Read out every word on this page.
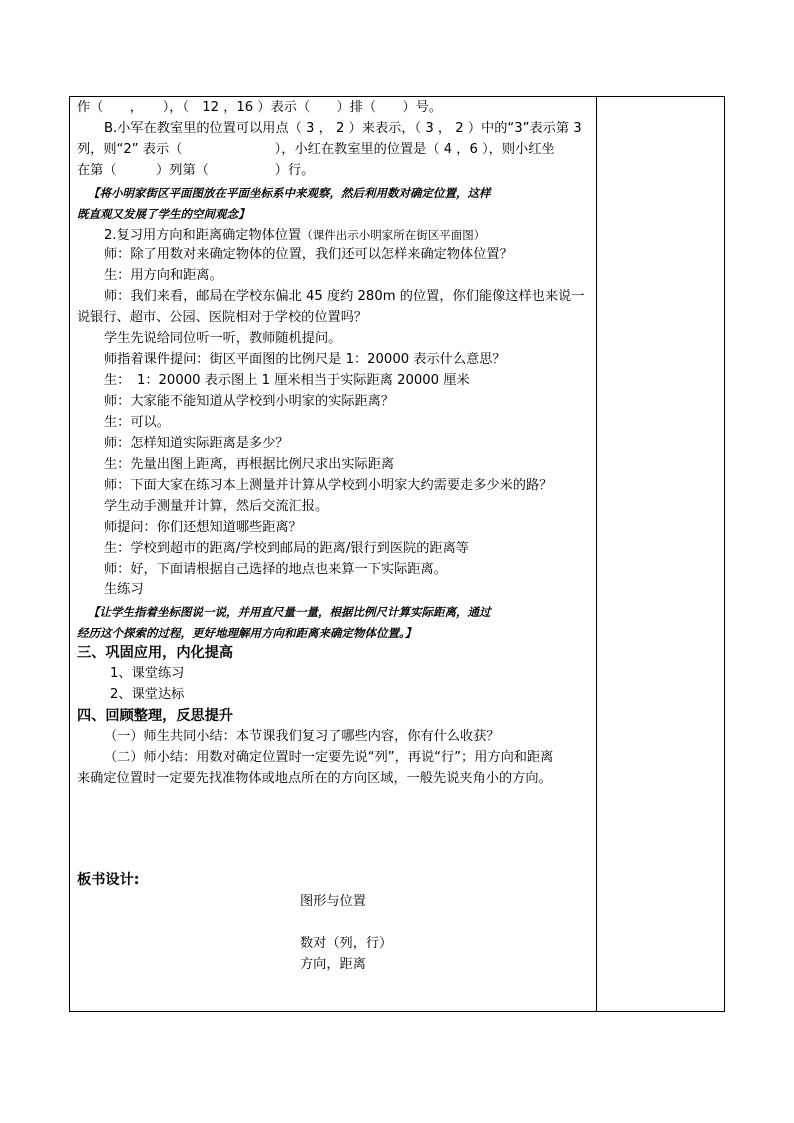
作（　　，　　），（　12 ，16 ）表示（　　）排（　　）号。
B.小军在教室里的位置可以用点（ 3 ， 2 ）来表示，（ 3 ， 2 ）中的“3”表示第 3
列，则“2” 表示（　　　　　　　），小红在教室里的位置是（ 4 ，6 ），则小红坐
在第（　　　）列第（　　　　　）行。
【将小明家街区平面图放在平面坐标系中来观察，然后利用数对确定位置，这样
既直观又发展了学生的空间观念】
2.复习用方向和距离确定物体位置（课件出示小明家所在街区平面图）
师：除了用数对来确定物体的位置，我们还可以怎样来确定物体位置？
生：用方向和距离。
师：我们来看，邮局在学校东偏北 45 度约 280m 的位置，你们能像这样也来说一
说银行、超市、公园、医院相对于学校的位置吗？
学生先说给同位听一听，教师随机提问。
师指着课件提问：街区平面图的比例尺是 1：20000 表示什么意思？
生：　1：20000 表示图上 1 厘米相当于实际距离 20000 厘米
师：大家能不能知道从学校到小明家的实际距离？
生：可以。
师：怎样知道实际距离是多少？
生：先量出图上距离，再根据比例尺求出实际距离
师：下面大家在练习本上测量并计算从学校到小明家大约需要走多少米的路？
学生动手测量并计算，然后交流汇报。
师提问：你们还想知道哪些距离？
生：学校到超市的距离/学校到邮局的距离/银行到医院的距离等
师：好，下面请根据自己选择的地点也来算一下实际距离。
生练习
【让学生指着坐标图说一说，并用直尺量一量，根据比例尺计算实际距离，通过
经历这个探索的过程，更好地理解用方向和距离来确定物体位置。】
三、巩固应用，内化提高
1、课堂练习
2、课堂达标
四、回顾整理，反思提升
（一）师生共同小结：本节课我们复习了哪些内容，你有什么收获？
（二）师小结：用数对确定位置时一定要先说“列”，再说“行”；用方向和距离
来确定位置时一定要先找准物体或地点所在的方向区域，一般先说夹角小的方向。
板书设计:
图形与位置
数对（列，行）
方向，距离
